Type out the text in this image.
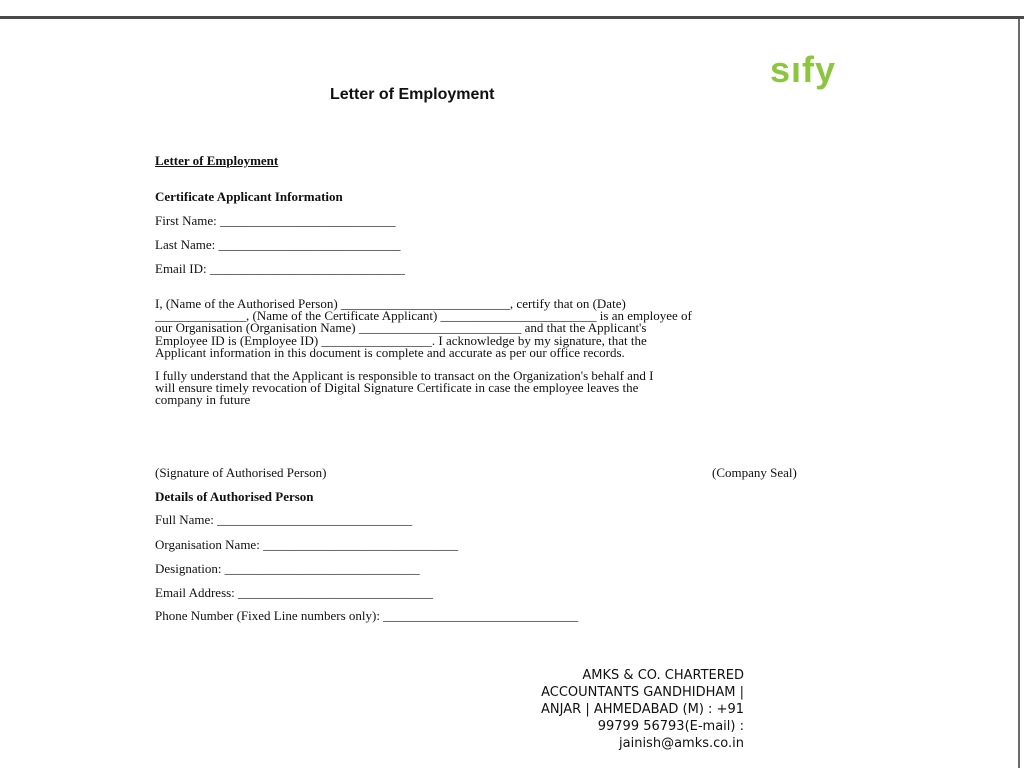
sıfy
Letter of Employment
Letter of Employment
Certificate Applicant Information
First Name: ___________________________
Last Name: ____________________________
Email ID: ______________________________
I, (Name of the Authorised Person) __________________________, certify that on (Date)
______________, (Name of the Certificate Applicant) ________________________ is an employee of
our Organisation (Organisation Name) _________________________ and that the Applicant's
Employee ID is (Employee ID) _________________. I acknowledge by my signature, that the
Applicant information in this document is complete and accurate as per our office records.
I fully understand that the Applicant is responsible to transact on the Organization's behalf and I
will ensure timely revocation of Digital Signature Certificate in case the employee leaves the
company in future
(Signature of Authorised Person)	(Company Seal)
Details of Authorised Person
Full Name: ______________________________
Organisation Name: ______________________________
Designation: ______________________________
Email Address: ______________________________
Phone Number (Fixed Line numbers only): ______________________________
AMKS & CO. CHARTERED
ACCOUNTANTS GANDHIDHAM |
ANJAR | AHMEDABAD (M) : +91
99799 56793(E-mail) :
jainish@amks.co.in
